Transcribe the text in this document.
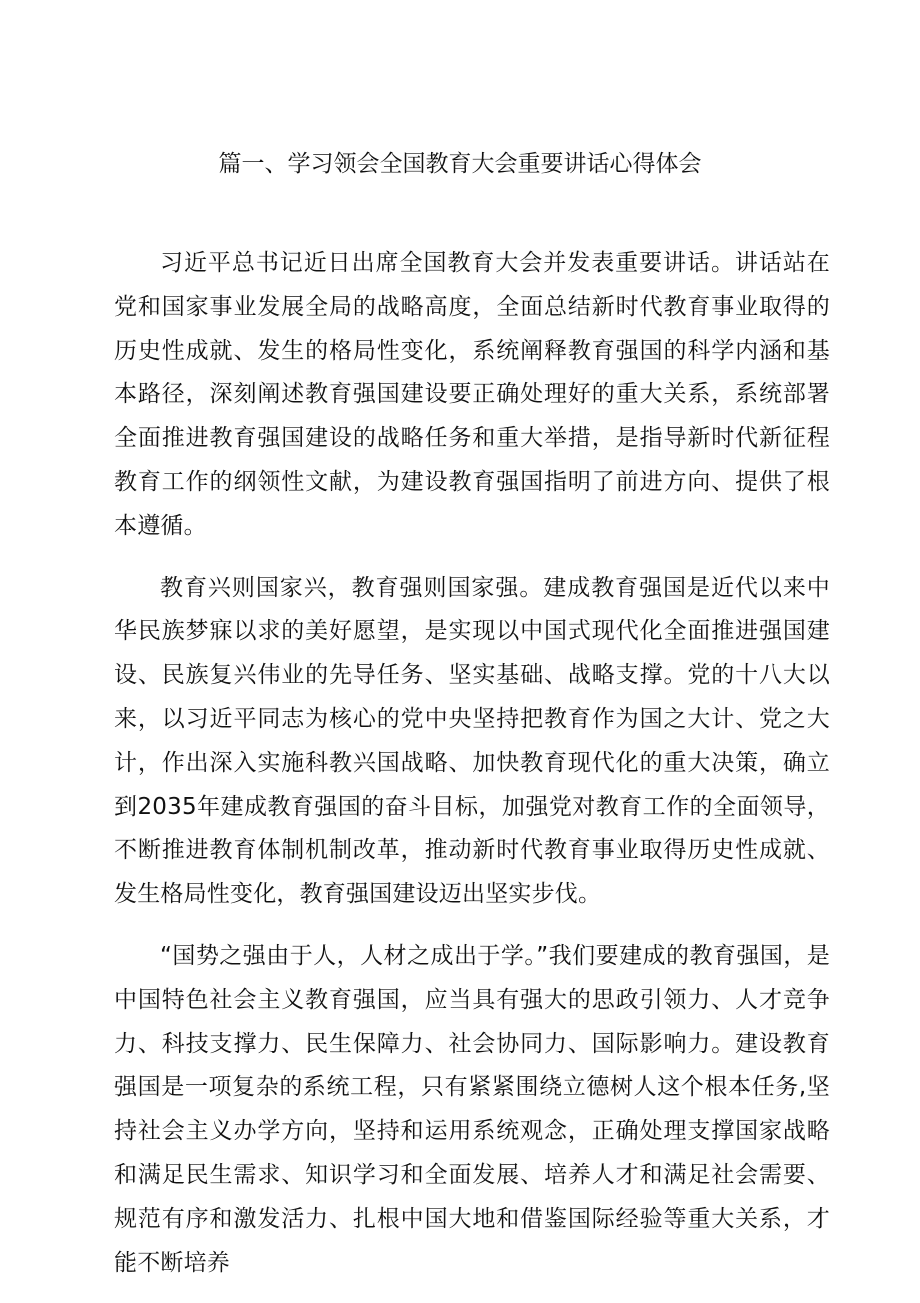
篇一、学习领会全国教育大会重要讲话心得体会

习近平总书记近日出席全国教育大会并发表重要讲话。讲话站在党和国家事业发展全局的战略高度，全面总结新时代教育事业取得的历史性成就、发生的格局性变化，系统阐释教育强国的科学内涵和基本路径，深刻阐述教育强国建设要正确处理好的重大关系，系统部署全面推进教育强国建设的战略任务和重大举措，是指导新时代新征程教育工作的纲领性文献，为建设教育强国指明了前进方向、提供了根本遵循。

教育兴则国家兴，教育强则国家强。建成教育强国是近代以来中华民族梦寐以求的美好愿望，是实现以中国式现代化全面推进强国建设、民族复兴伟业的先导任务、坚实基础、战略支撑。党的十八大以来，以习近平同志为核心的党中央坚持把教育作为国之大计、党之大计，作出深入实施科教兴国战略、加快教育现代化的重大决策，确立到2035年建成教育强国的奋斗目标，加强党对教育工作的全面领导，不断推进教育体制机制改革，推动新时代教育事业取得历史性成就、发生格局性变化，教育强国建设迈出坚实步伐。

“国势之强由于人，人材之成出于学。”我们要建成的教育强国，是中国特色社会主义教育强国，应当具有强大的思政引领力、人才竞争力、科技支撑力、民生保障力、社会协同力、国际影响力。建设教育强国是一项复杂的系统工程，只有紧紧围绕立德树人这个根本任务,坚持社会主义办学方向，坚持和运用系统观念，正确处理支撑国家战略和满足民生需求、知识学习和全面发展、培养人才和满足社会需要、规范有序和激发活力、扎根中国大地和借鉴国际经验等重大关系，才能不断培养
